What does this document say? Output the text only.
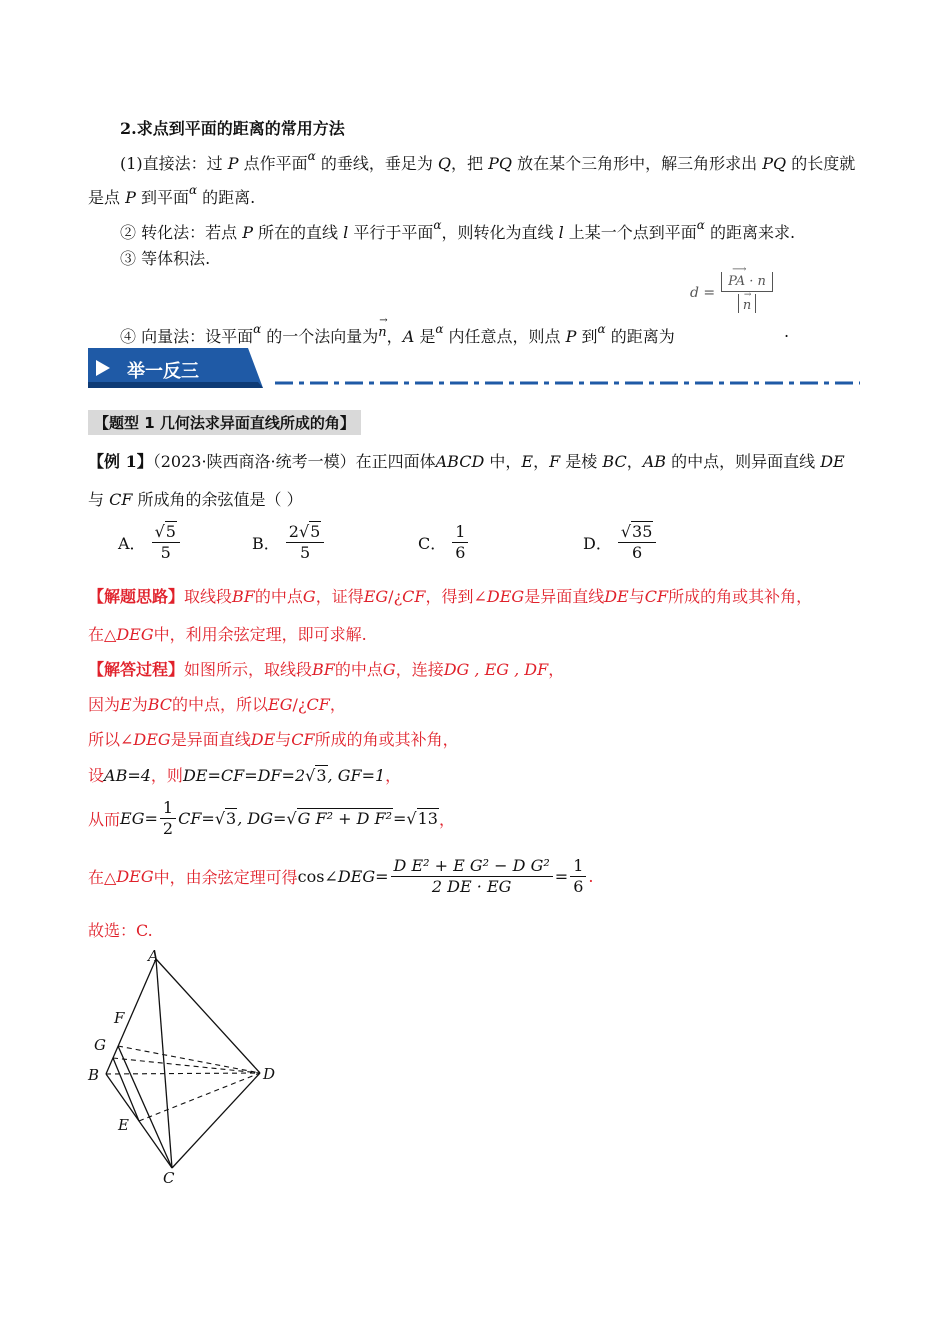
2.求点到平面的距离的常用方法
(1)直接法：过 P 点作平面$^\alpha$ 的垂线，垂足为 Q，把 PQ 放在某个三角形中，解三角形求出 PQ 的长度就
是点 P 到平面$^\alpha$ 的距离.
② 转化法：若点 P 所在的直线 l 平行于平面$^\alpha$，则转化为直线 l 上某一个点到平面$^\alpha$ 的距离来求.
③ 等体积法.
④ 向量法：设平面$^\alpha$ 的一个法向量为
$^{\to n}$，A 是$^\alpha$ 内任意点，则点 P 到$^\alpha$ 的距离为	.
d = ⟶
PA · n
→
n
举一反三
【题型 1 几何法求异面直线所成的角】
【例 1】（2023·陕西商洛·统考一模）在正四面体ABCD 中，E，F 是棱 BC，AB 的中点，则异面直线 DE
与 CF 所成角的余弦值是（ ）
A． $\frac{√5}{5}$	B． $\frac{2√5}{5}$	C． $\frac{1}{6}$	D． $\frac{√35}{6}$
【解题思路】取线段BF的中点G，证得EG/¿CF，得到∠DEG是异面直线DE与CF所成的角或其补角，
在△DEG中，利用余弦定理，即可求解.
【解答过程】如图所示，取线段BF的中点G，连接DG , EG , DF，
因为E为BC的中点，所以EG/¿CF，
所以∠DEG是异面直线DE与CF所成的角或其补角，
设AB=4，则DE=CF=DF=2√3, GF=1，
从而 $EG= \frac{1}{2} CF= √3$ , DG= √G F² + D F² = √13 ，
在△ DEG 中，由余弦定理可得 cos∠ DEG = $\frac{\text{D E² + E G² − D G²}}{2 DE \cdot EG} = \frac{1}{6}$ .
故选：C.
A
F
G
B	D
E
C
